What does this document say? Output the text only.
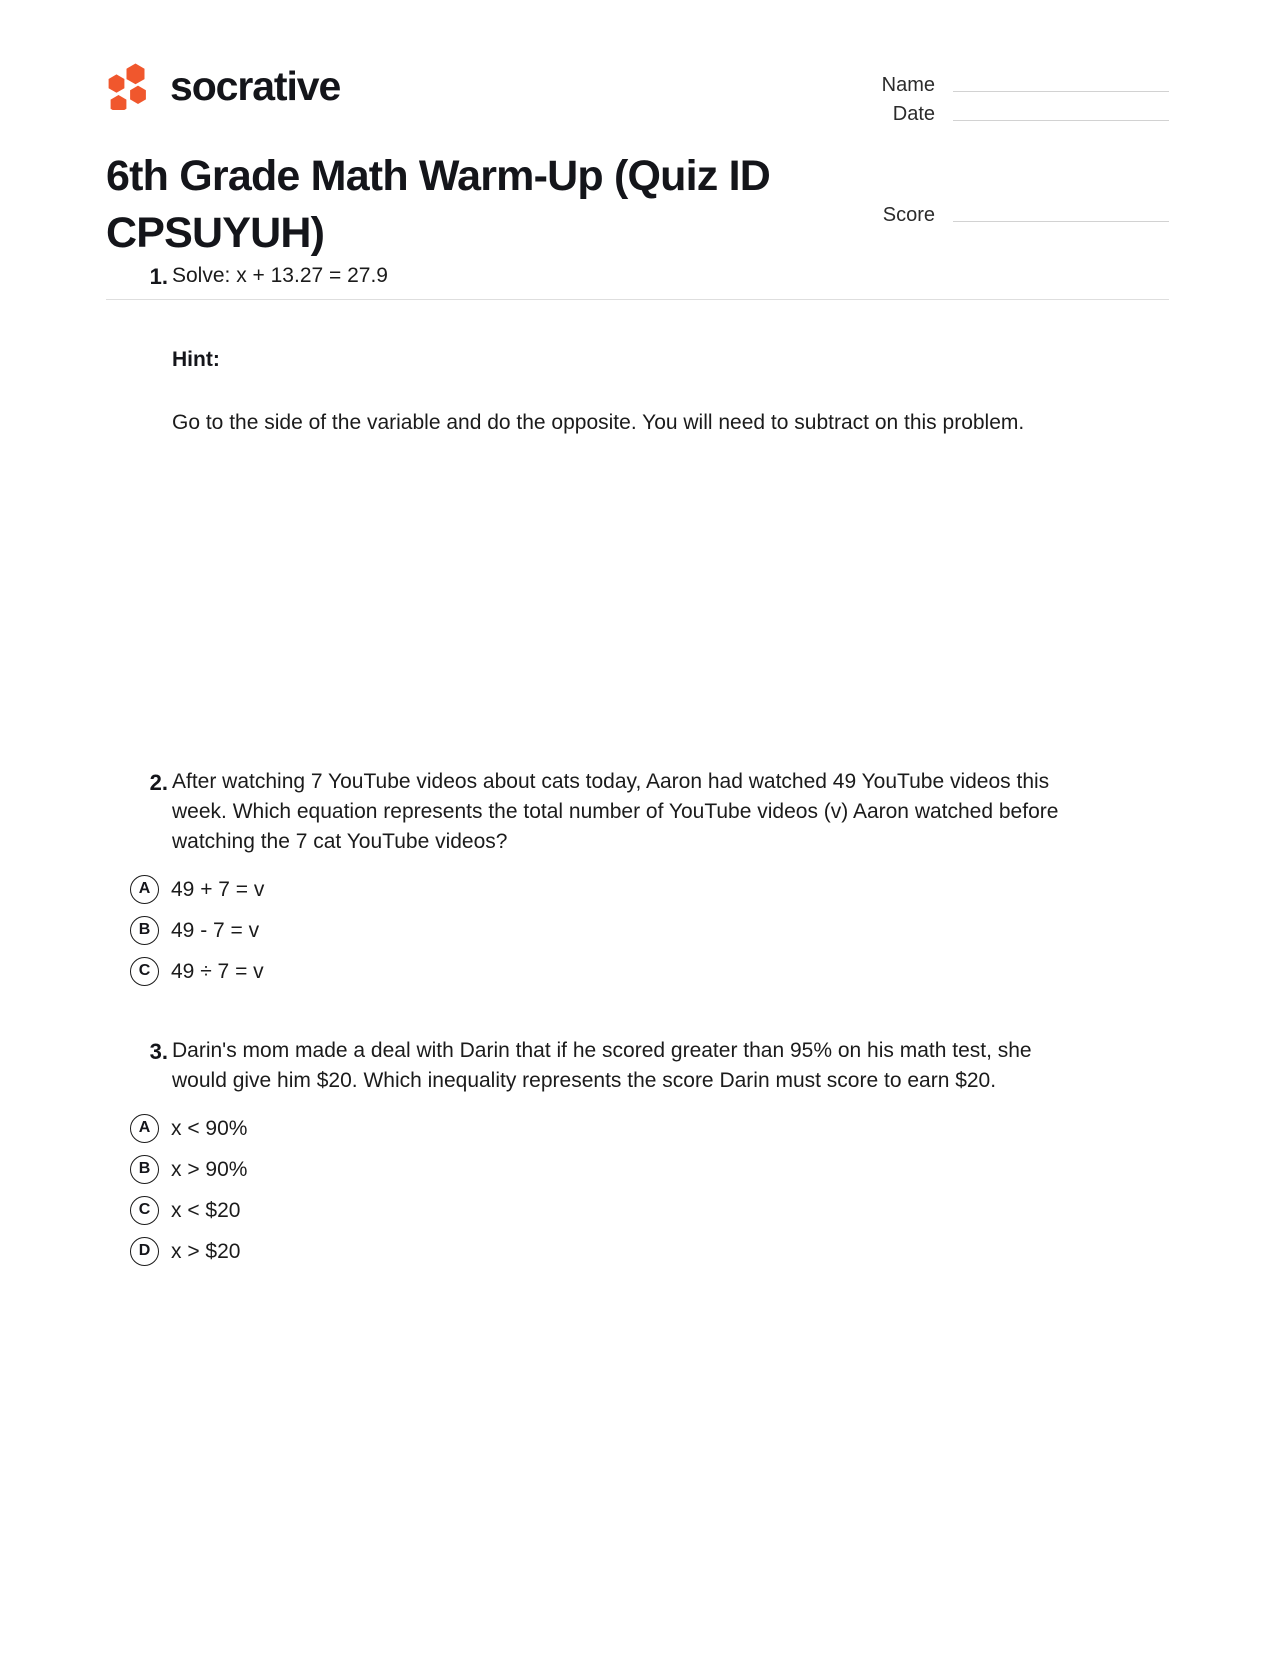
socrative	Name
Date
Score
6th Grade Math Warm-Up (Quiz ID CPSUYUH)
1. Solve: x + 13.27 = 27.9
Hint:
Go to the side of the variable and do the opposite. You will need to subtract on this problem.
2. After watching 7 YouTube videos about cats today, Aaron had watched 49 YouTube videos this week. Which equation represents the total number of YouTube videos (v) Aaron watched before watching the 7 cat YouTube videos?
A 49 + 7 = v
B 49 - 7 = v
C 49 ÷ 7 = v
3. Darin's mom made a deal with Darin that if he scored greater than 95% on his math test, she would give him $20. Which inequality represents the score Darin must score to earn $20.
A x < 90%
B x > 90%
C x < $20
D x > $20
